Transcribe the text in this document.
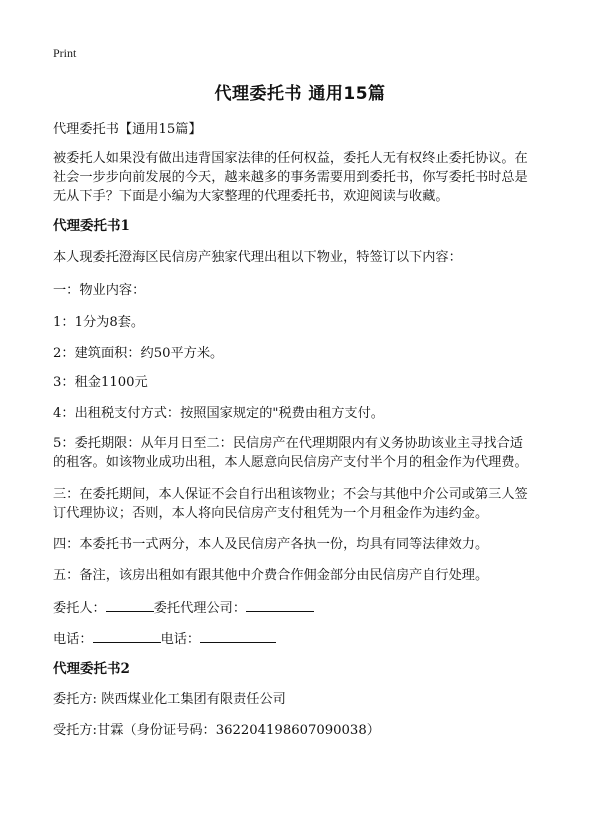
Print
代理委托书 通用15篇
代理委托书【通用15篇】
被委托人如果没有做出违背国家法律的任何权益，委托人无有权终止委托协议。在
社会一步步向前发展的今天，越来越多的事务需要用到委托书，你写委托书时总是
无从下手？下面是小编为大家整理的代理委托书，欢迎阅读与收藏。
代理委托书1
本人现委托澄海区民信房产独家代理出租以下物业，特签订以下内容：
一：物业内容：
1：1分为8套。
2：建筑面积：约50平方米。
3：租金1100元
4：出租税支付方式：按照国家规定的"税费由租方支付。
5：委托期限：从年月日至二：民信房产在代理期限内有义务协助该业主寻找合适
的租客。如该物业成功出租，本人愿意向民信房产支付半个月的租金作为代理费。
三：在委托期间，本人保证不会自行出租该物业；不会与其他中介公司或第三人签
订代理协议；否则，本人将向民信房产支付租凭为一个月租金作为违约金。
四：本委托书一式两分，本人及民信房产各执一份，均具有同等法律效力。
五：备注，该房出租如有跟其他中介费合作佣金部分由民信房产自行处理。
委托人：	委托代理公司：
电话：	电话：
代理委托书2
委托方: 陕西煤业化工集团有限责任公司
受托方:甘霖（身份证号码：362204198607090038）
